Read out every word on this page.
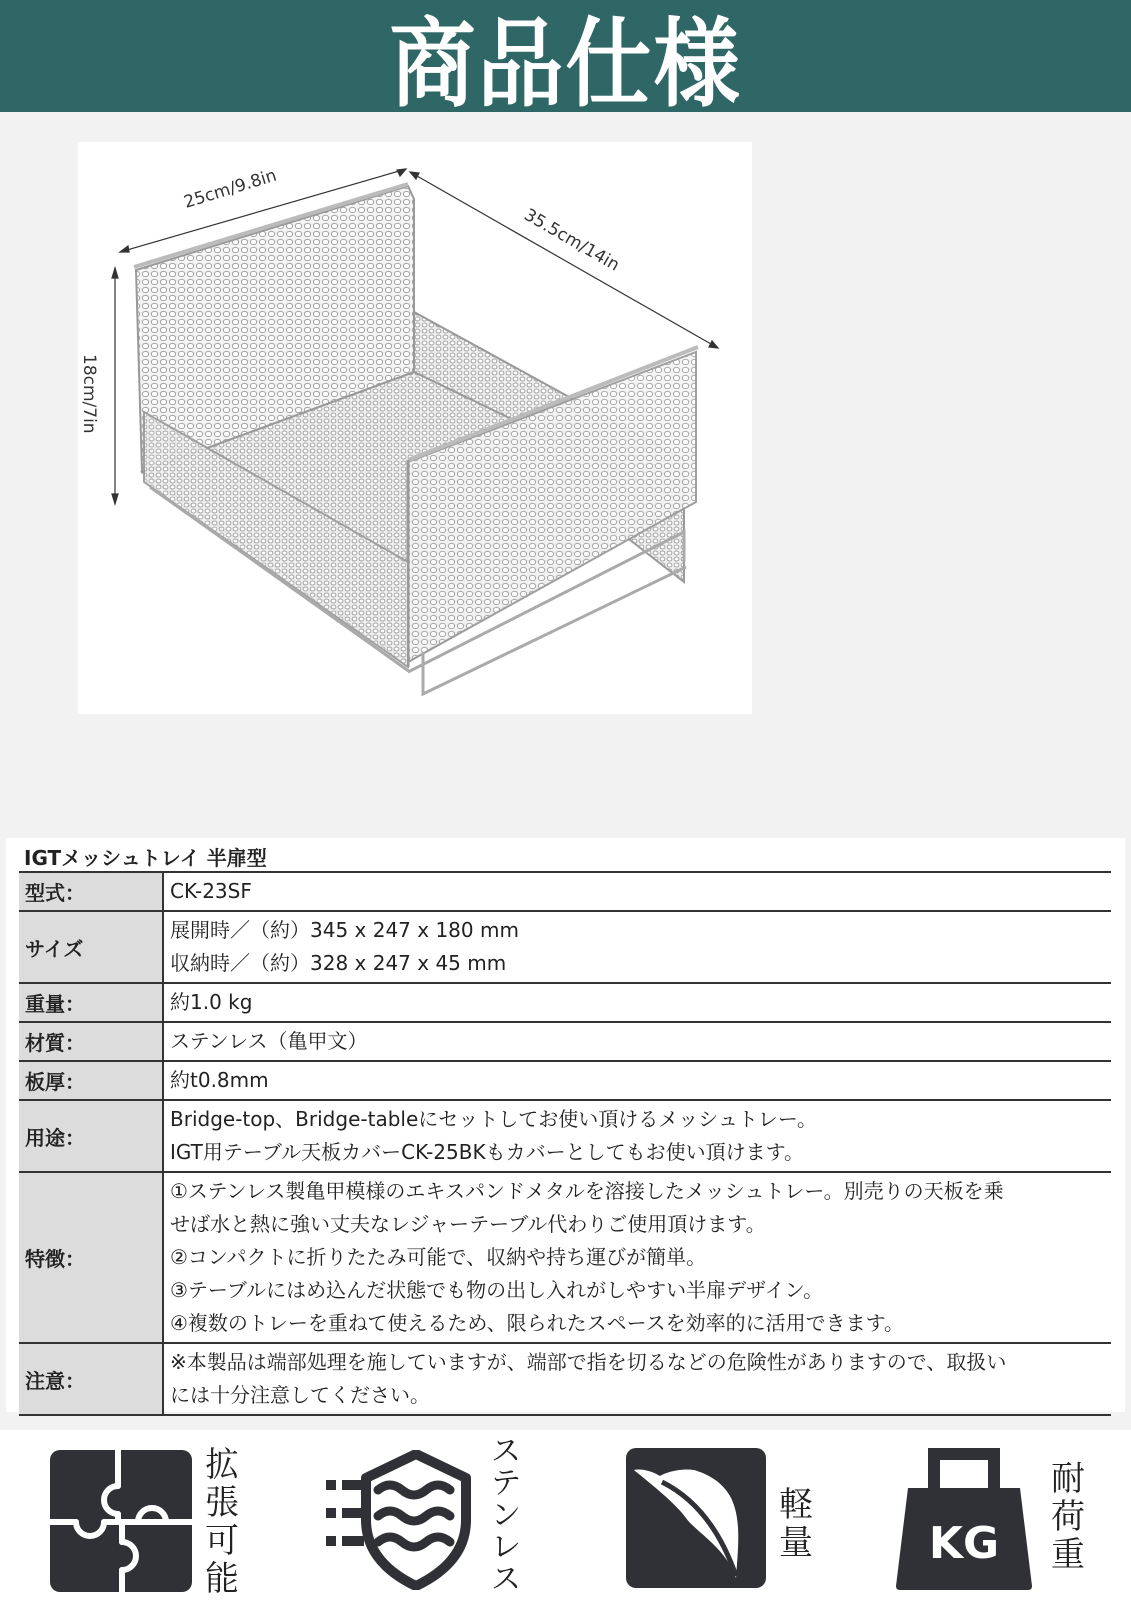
商品仕様
25cm/9.8in
35.5cm/14in
18cm/7in
IGTメッシュトレイ 半扉型
型式：	CK-23SF

サイズ	展開時／（約）345 x 247 x 180 mm
収納時／（約）328 x 247 x 45 mm

重量：	約1.0 kg

材質：	ステンレス（亀甲文）

板厚：	約t0.8mm

用途：	Bridge-top、Bridge-tableにセットしてお使い頂けるメッシュトレー。
IGT用テーブル天板カバーCK-25BKもカバーとしてもお使い頂けます。

特徴：	①ステンレス製亀甲模様のエキスパンドメタルを溶接したメッシュトレー。別売りの天板を乗
せば水と熱に強い丈夫なレジャーテーブル代わりご使用頂けます。
②コンパクトに折りたたみ可能で、収納や持ち運びが簡単。
③テーブルにはめ込んだ状態でも物の出し入れがしやすい半扉デザイン。
④複数のトレーを重ねて使えるため、限られたスペースを効率的に活用できます。

注意：	※本製品は端部処理を施していますが、端部で指を切るなどの危険性がありますので、取扱い
には十分注意してください。
拡
張
可
能
ス
テ
ン
レ
ス
軽
量	KG
耐
荷
重
